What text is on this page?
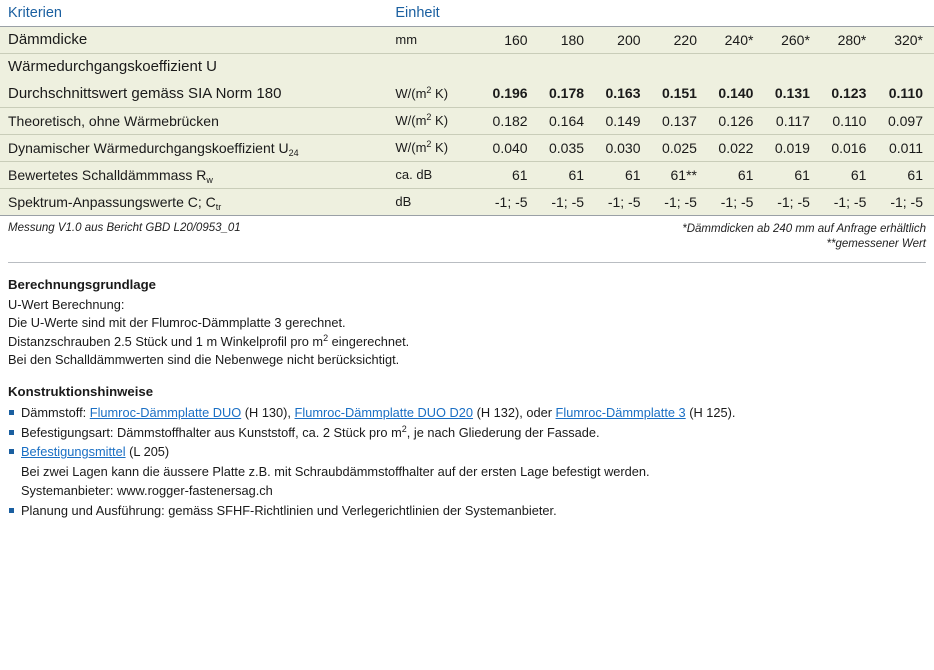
Kriterien	Einheit								
Dämmdicke	mm	160	180	200	220	240*	260*	280*	320*
Wärmedurchgangskoeffizient U									
Durchschnittswert gemäss SIA Norm 180	$W/(m^2$ K)	0.196	0.178	0.163	0.151	0.140	0.131	0.123	0.110
Theoretisch, ohne Wärmebrücken	$W/(m^2$ K)	0.182	0.164	0.149	0.137	0.126	0.117	0.110	0.097
Dynamischer Wärmedurchgangskoeffizient $U_{24}$	$W/(m^2$ K)	0.040	0.035	0.030	0.025	0.022	0.019	0.016	0.011
Bewertetes Schalldämmmass $R_w$	ca. dB	61	61	61	61**	61	61	61	61
Spektrum-Anpassungswerte C; $C_{tr}$	dB	-1; -5	-1; -5	-1; -5	-1; -5	-1; -5	-1; -5	-1; -5	-1; -5
Messung V1.0 aus Bericht GBD L20/0953_01	*Dämmdicken ab 240 mm auf Anfrage erhältlich
**gemessener Wert
Berechnungsgrundlage

U-Wert Berechnung:

Die U-Werte sind mit der Flumroc-Dämmplatte 3 gerechnet.

Distanzschrauben 2.5 Stück und 1 m Winkelprofil pro $m^2$ eingerechnet.

Bei den Schalldämmwerten sind die Nebenwege nicht berücksichtigt.

Konstruktionshinweise
Dämmstoff: Flumroc-Dämmplatte DUO (H 130), Flumroc-Dämmplatte DUO D20 (H 132), oder Flumroc-Dämmplatte 3 (H 125).
Befestigungsart: Dämmstoffhalter aus Kunststoff, ca. 2 Stück pro $m^2$, je nach Gliederung der Fassade.
Befestigungsmittel (L 205)
Bei zwei Lagen kann die äussere Platte z.B. mit Schraubdämmstoffhalter auf der ersten Lage befestigt werden.
Systemanbieter: www.rogger-fastenersag.ch
Planung und Ausführung: gemäss SFHF-Richtlinien und Verlegerichtlinien der Systemanbieter.
